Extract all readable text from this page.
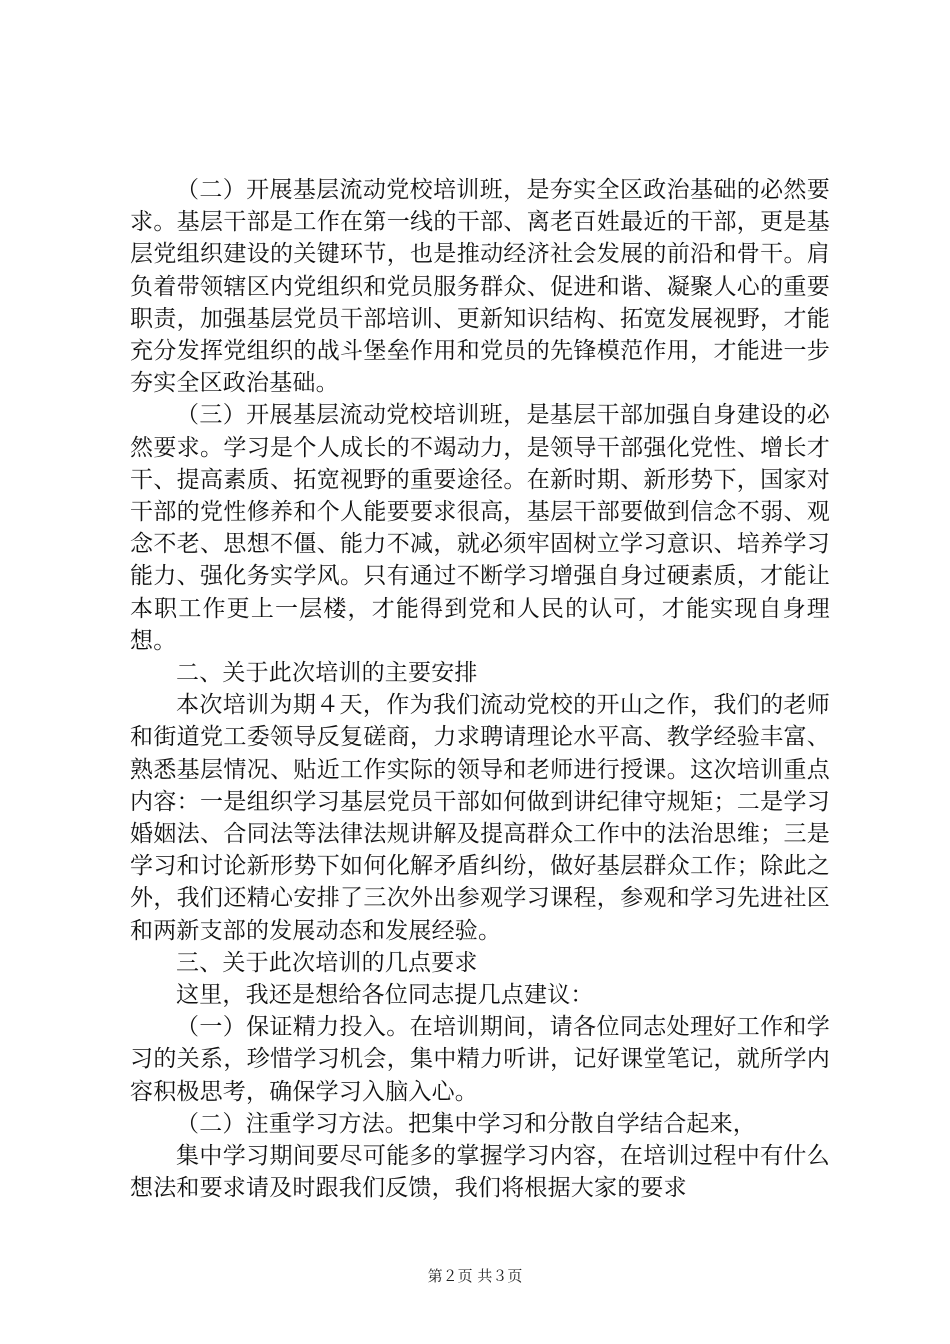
（二）开展基层流动党校培训班，是夯实全区政治基础的必然要求。基层干部是工作在第一线的干部、离老百姓最近的干部，更是基层党组织建设的关键环节，也是推动经济社会发展的前沿和骨干。肩负着带领辖区内党组织和党员服务群众、促进和谐、凝聚人心的重要职责，加强基层党员干部培训、更新知识结构、拓宽发展视野，才能充分发挥党组织的战斗堡垒作用和党员的先锋模范作用，才能进一步夯实全区政治基础。

（三）开展基层流动党校培训班，是基层干部加强自身建设的必然要求。学习是个人成长的不竭动力，是领导干部强化党性、增长才干、提高素质、拓宽视野的重要途径。在新时期、新形势下，国家对干部的党性修养和个人能要要求很高，基层干部要做到信念不弱、观念不老、思想不僵、能力不减，就必须牢固树立学习意识、培养学习能力、强化务实学风。只有通过不断学习增强自身过硬素质，才能让本职工作更上一层楼，才能得到党和人民的认可，才能实现自身理想。

二、关于此次培训的主要安排

本次培训为期４天，作为我们流动党校的开山之作，我们的老师和街道党工委领导反复磋商，力求聘请理论水平高、教学经验丰富、熟悉基层情况、贴近工作实际的领导和老师进行授课。这次培训重点内容：一是组织学习基层党员干部如何做到讲纪律守规矩；二是学习婚姻法、合同法等法律法规讲解及提高群众工作中的法治思维；三是学习和讨论新形势下如何化解矛盾纠纷，做好基层群众工作；除此之外，我们还精心安排了三次外出参观学习课程，参观和学习先进社区和两新支部的发展动态和发展经验。

三、关于此次培训的几点要求

这里，我还是想给各位同志提几点建议：

（一）保证精力投入。在培训期间，请各位同志处理好工作和学习的关系，珍惜学习机会，集中精力听讲，记好课堂笔记，就所学内容积极思考，确保学习入脑入心。

（二）注重学习方法。把集中学习和分散自学结合起来，

集中学习期间要尽可能多的掌握学习内容，在培训过程中有什么想法和要求请及时跟我们反馈，我们将根据大家的要求

第２页 共３页
